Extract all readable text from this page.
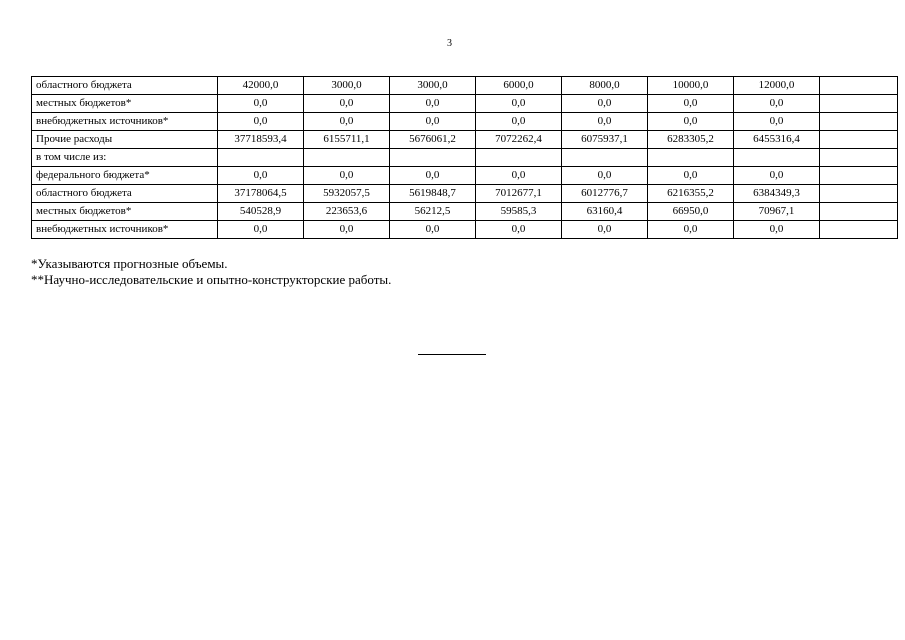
3
областного бюджета	42000,0	3000,0	3000,0	6000,0	8000,0	10000,0	12000,0	
местных бюджетов*	0,0	0,0	0,0	0,0	0,0	0,0	0,0	
внебюджетных источников*	0,0	0,0	0,0	0,0	0,0	0,0	0,0	
Прочие расходы	37718593,4	6155711,1	5676061,2	7072262,4	6075937,1	6283305,2	6455316,4	
в том числе из:								
федерального бюджета*	0,0	0,0	0,0	0,0	0,0	0,0	0,0	
областного бюджета	37178064,5	5932057,5	5619848,7	7012677,1	6012776,7	6216355,2	6384349,3	
местных бюджетов*	540528,9	223653,6	56212,5	59585,3	63160,4	66950,0	70967,1	
внебюджетных источников*	0,0	0,0	0,0	0,0	0,0	0,0	0,0	

*Указываются прогнозные объемы.

**Научно-исследовательские и опытно-конструкторские работы.
